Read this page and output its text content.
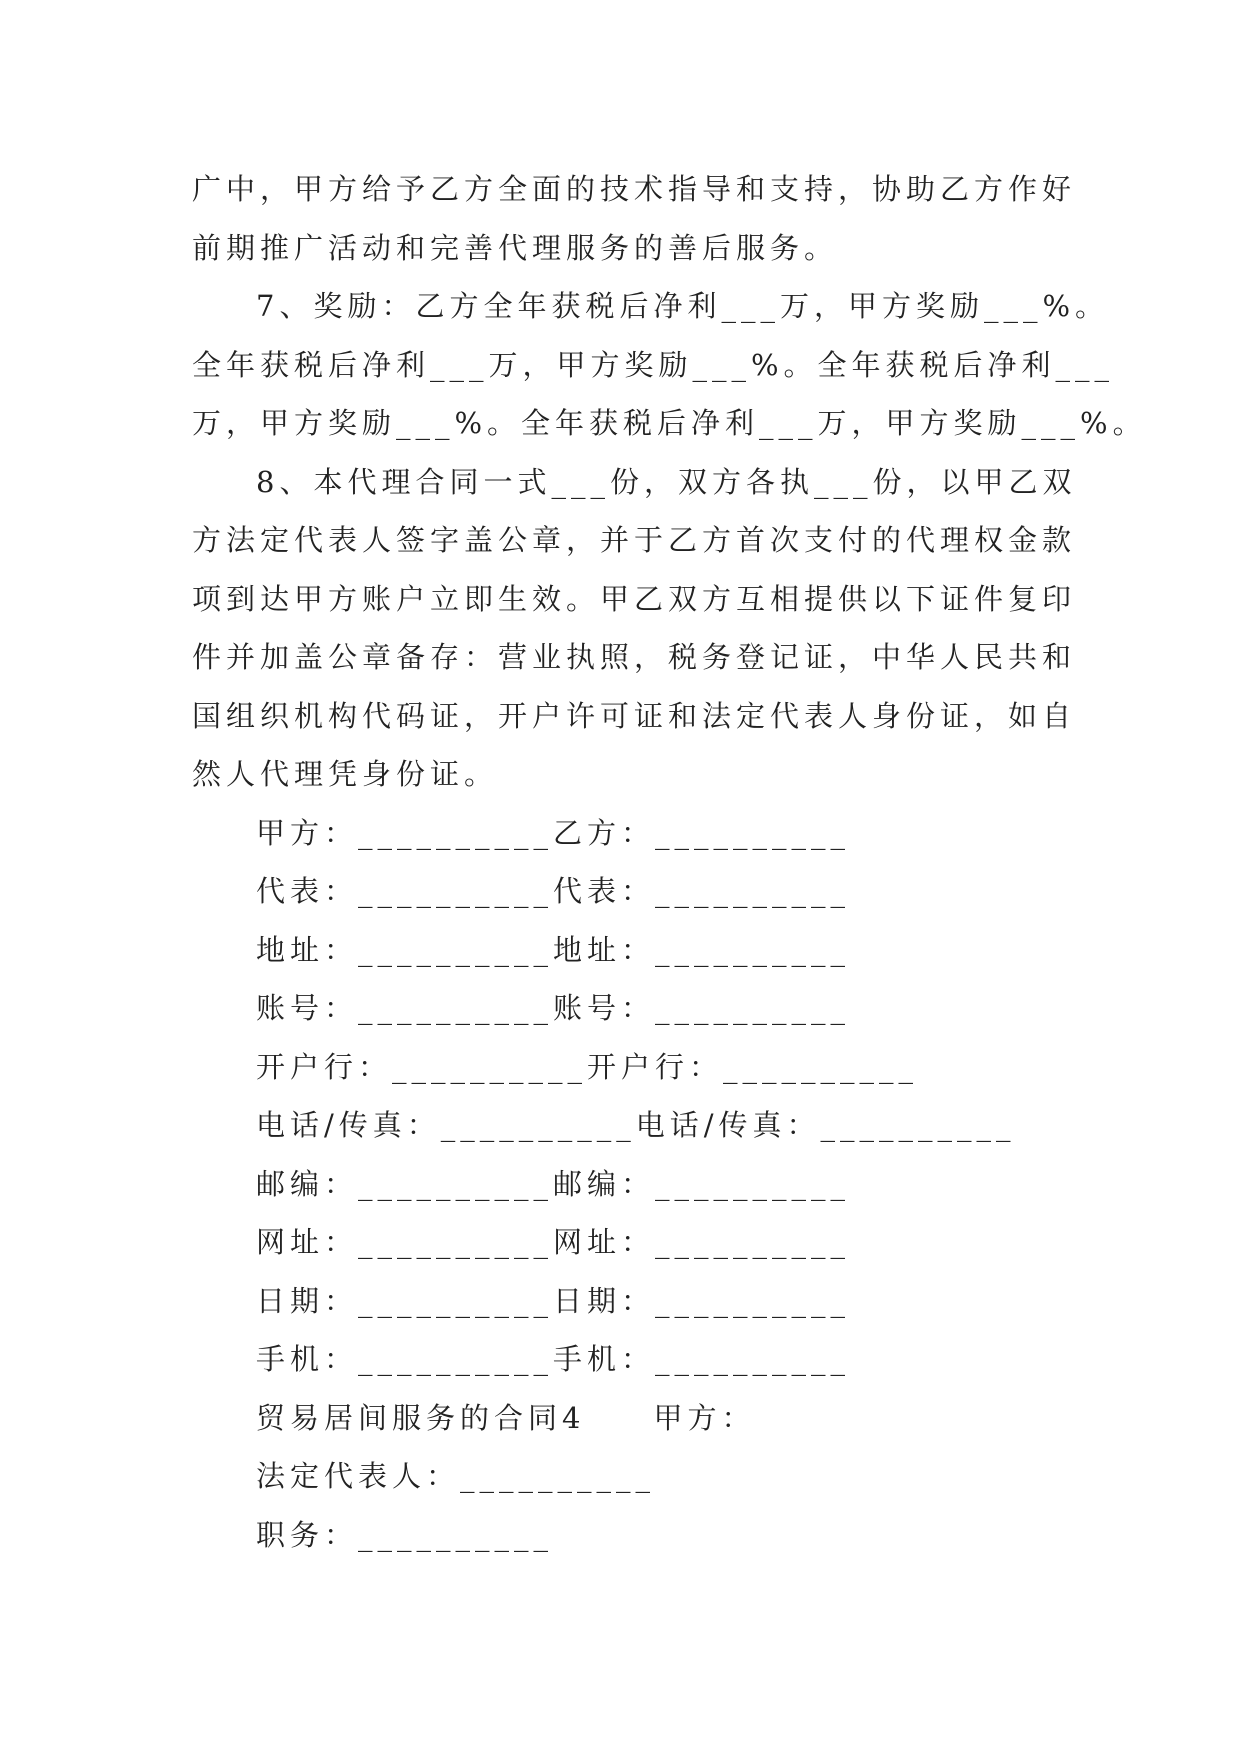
广中，甲方给予乙方全面的技术指导和支持，协助乙方作好
前期推广活动和完善代理服务的善后服务。
7、奖励：乙方全年获税后净利___万，甲方奖励___%。
全年获税后净利___万，甲方奖励___%。全年获税后净利___
万，甲方奖励___%。全年获税后净利___万，甲方奖励___%。
8、本代理合同一式___份，双方各执___份，以甲乙双
方法定代表人签字盖公章，并于乙方首次支付的代理权金款
项到达甲方账户立即生效。甲乙双方互相提供以下证件复印
件并加盖公章备存：营业执照，税务登记证，中华人民共和
国组织机构代码证，开户许可证和法定代表人身份证，如自
然人代理凭身份证。
甲方：__________乙方：__________
代表：__________代表：__________
地址：__________地址：__________
账号：__________账号：__________
开户行：__________开户行：__________
电话/传真：__________电话/传真：__________
邮编：__________邮编：__________
网址：__________网址：__________
日期：__________日期：__________
手机：__________手机：__________
贸易居间服务的合同4　　甲方：
法定代表人：__________
职务：__________
